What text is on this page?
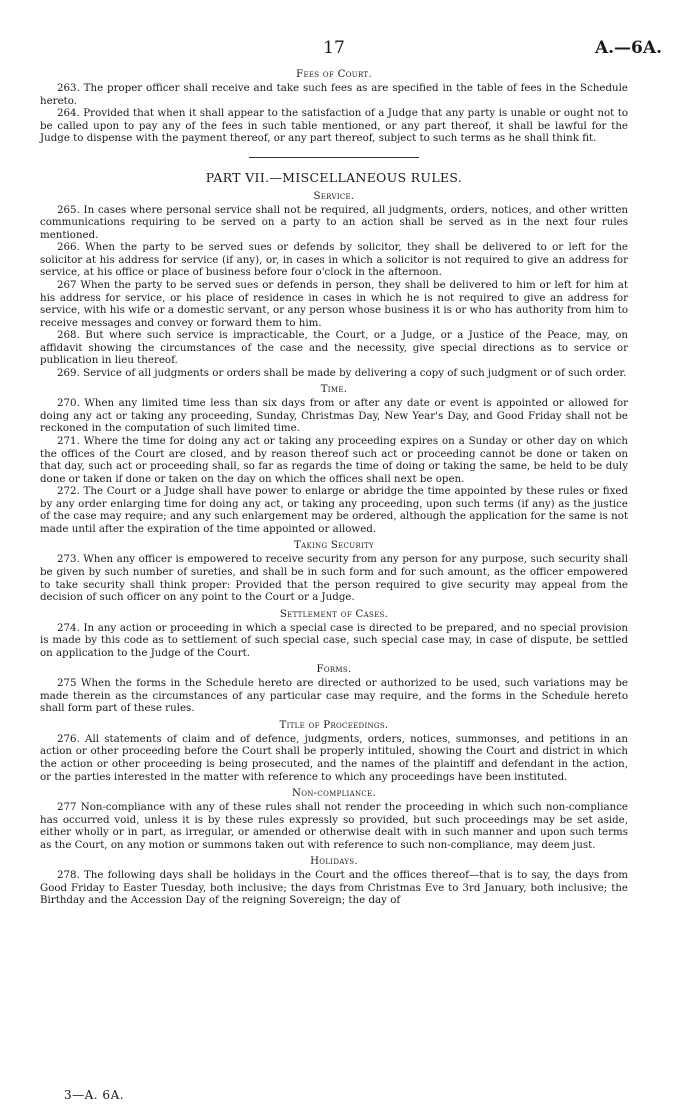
17	A.—6A.
Fees of Court.

263. The proper officer shall receive and take such fees as are specified in the table of fees in the Schedule hereto.

264. Provided that when it shall appear to the satisfaction of a Judge that any party is unable or ought not to be called upon to pay any of the fees in such table mentioned, or any part thereof, it shall be lawful for the Judge to dispense with the payment thereof, or any part thereof, subject to such terms as he shall think fit.

PART VII.—MISCELLANEOUS RULES.
Service.

265. In cases where personal service shall not be required, all judgments, orders, notices, and other written communications requiring to be served on a party to an action shall be served as in the next four rules mentioned.

266. When the party to be served sues or defends by solicitor, they shall be delivered to or left for the solicitor at his address for service (if any), or, in cases in which a solicitor is not required to give an address for service, at his office or place of business before four o'clock in the afternoon.

267 When the party to be served sues or defends in person, they shall be delivered to him or left for him at his address for service, or his place of residence in cases in which he is not required to give an address for service, with his wife or a domestic servant, or any person whose business it is or who has authority from him to receive messages and convey or forward them to him.

268. But where such service is impracticable, the Court, or a Judge, or a Justice of the Peace, may, on affidavit showing the circumstances of the case and the necessity, give special directions as to service or publication in lieu thereof.

269. Service of all judgments or orders shall be made by delivering a copy of such judgment or of such order.

Time.

270. When any limited time less than six days from or after any date or event is appointed or allowed for doing any act or taking any proceeding, Sunday, Christmas Day, New Year's Day, and Good Friday shall not be reckoned in the computation of such limited time.

271. Where the time for doing any act or taking any proceeding expires on a Sunday or other day on which the offices of the Court are closed, and by reason thereof such act or proceeding cannot be done or taken on that day, such act or proceeding shall, so far as regards the time of doing or taking the same, be held to be duly done or taken if done or taken on the day on which the offices shall next be open.

272. The Court or a Judge shall have power to enlarge or abridge the time appointed by these rules or fixed by any order enlarging time for doing any act, or taking any proceeding, upon such terms (if any) as the justice of the case may require; and any such enlargement may be ordered, although the application for the same is not made until after the expiration of the time appointed or allowed.

Taking Security

273. When any officer is empowered to receive security from any person for any purpose, such security shall be given by such number of sureties, and shall be in such form and for such amount, as the officer empowered to take security shall think proper: Provided that the person required to give security may appeal from the decision of such officer on any point to the Court or a Judge.

Settlement of Cases.

274. In any action or proceeding in which a special case is directed to be prepared, and no special provision is made by this code as to settlement of such special case, such special case may, in case of dispute, be settled on application to the Judge of the Court.

Forms.

275 When the forms in the Schedule hereto are directed or authorized to be used, such variations may be made therein as the circumstances of any particular case may require, and the forms in the Schedule hereto shall form part of these rules.

Title of Proceedings.

276. All statements of claim and of defence, judgments, orders, notices, summonses, and petitions in an action or other proceeding before the Court shall be properly intituled, showing the Court and district in which the action or other proceeding is being prosecuted, and the names of the plaintiff and defendant in the action, or the parties interested in the matter with reference to which any proceedings have been instituted.

Non-compliance.

277 Non-compliance with any of these rules shall not render the proceeding in which such non-compliance has occurred void, unless it is by these rules expressly so provided, but such proceedings may be set aside, either wholly or in part, as irregular, or amended or otherwise dealt with in such manner and upon such terms as the Court, on any motion or summons taken out with reference to such non-compliance, may deem just.

Holidays.

278. The following days shall be holidays in the Court and the offices thereof—that is to say, the days from Good Friday to Easter Tuesday, both inclusive; the days from Christmas Eve to 3rd January, both inclusive; the Birthday and the Accession Day of the reigning Sovereign; the day of

3—A. 6A.
